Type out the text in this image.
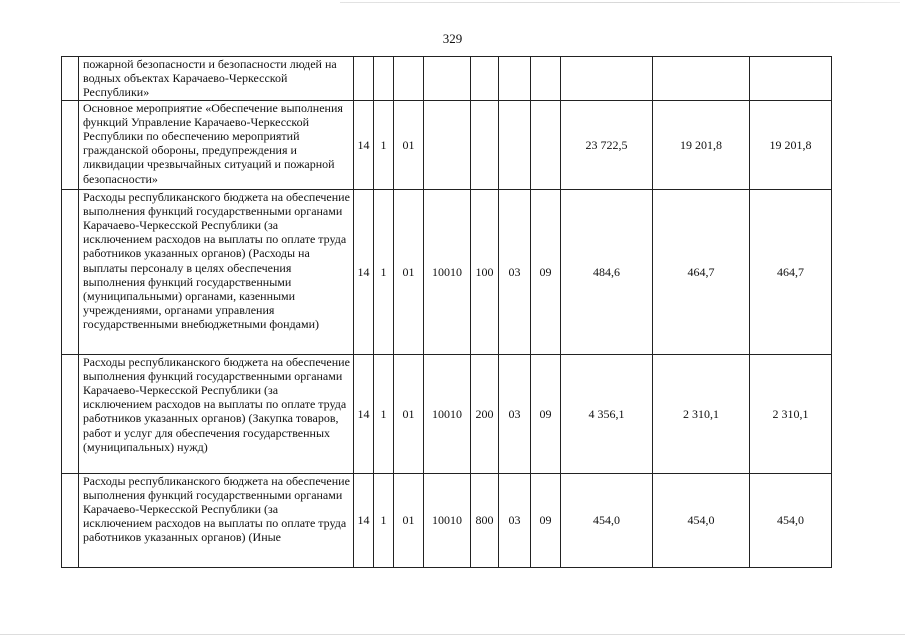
329
	пожарной безопасности и безопасности людей на водных объектах Карачаево-Черкесской Республики»										
	Основное мероприятие «Обеспечение выполнения функций Управление Карачаево-Черкесской Республики по обеспечению мероприятий гражданской обороны, предупреждения и ликвидации чрезвычайных ситуаций и пожарной безопасности»	14	1	01					23 722,5	19 201,8	19 201,8
	Расходы республиканского бюджета на обеспечение выполнения функций государственными органами Карачаево-Черкесской Республики (за исключением расходов на выплаты по оплате труда работников указанных органов) (Расходы на выплаты персоналу в целях обеспечения выполнения функций государственными (муниципальными) органами, казенными учреждениями, органами управления государственными внебюджетными фондами)	14	1	01	10010	100	03	09	484,6	464,7	464,7
	Расходы республиканского бюджета на обеспечение выполнения функций государственными органами Карачаево-Черкесской Республики (за исключением расходов на выплаты по оплате труда работников указанных органов) (Закупка товаров, работ и услуг для обеспечения государственных (муниципальных) нужд)	14	1	01	10010	200	03	09	4 356,1	2 310,1	2 310,1
	Расходы республиканского бюджета на обеспечение выполнения функций государственными органами Карачаево-Черкесской Республики (за исключением расходов на выплаты по оплате труда работников указанных органов) (Иные	14	1	01	10010	800	03	09	454,0	454,0	454,0
